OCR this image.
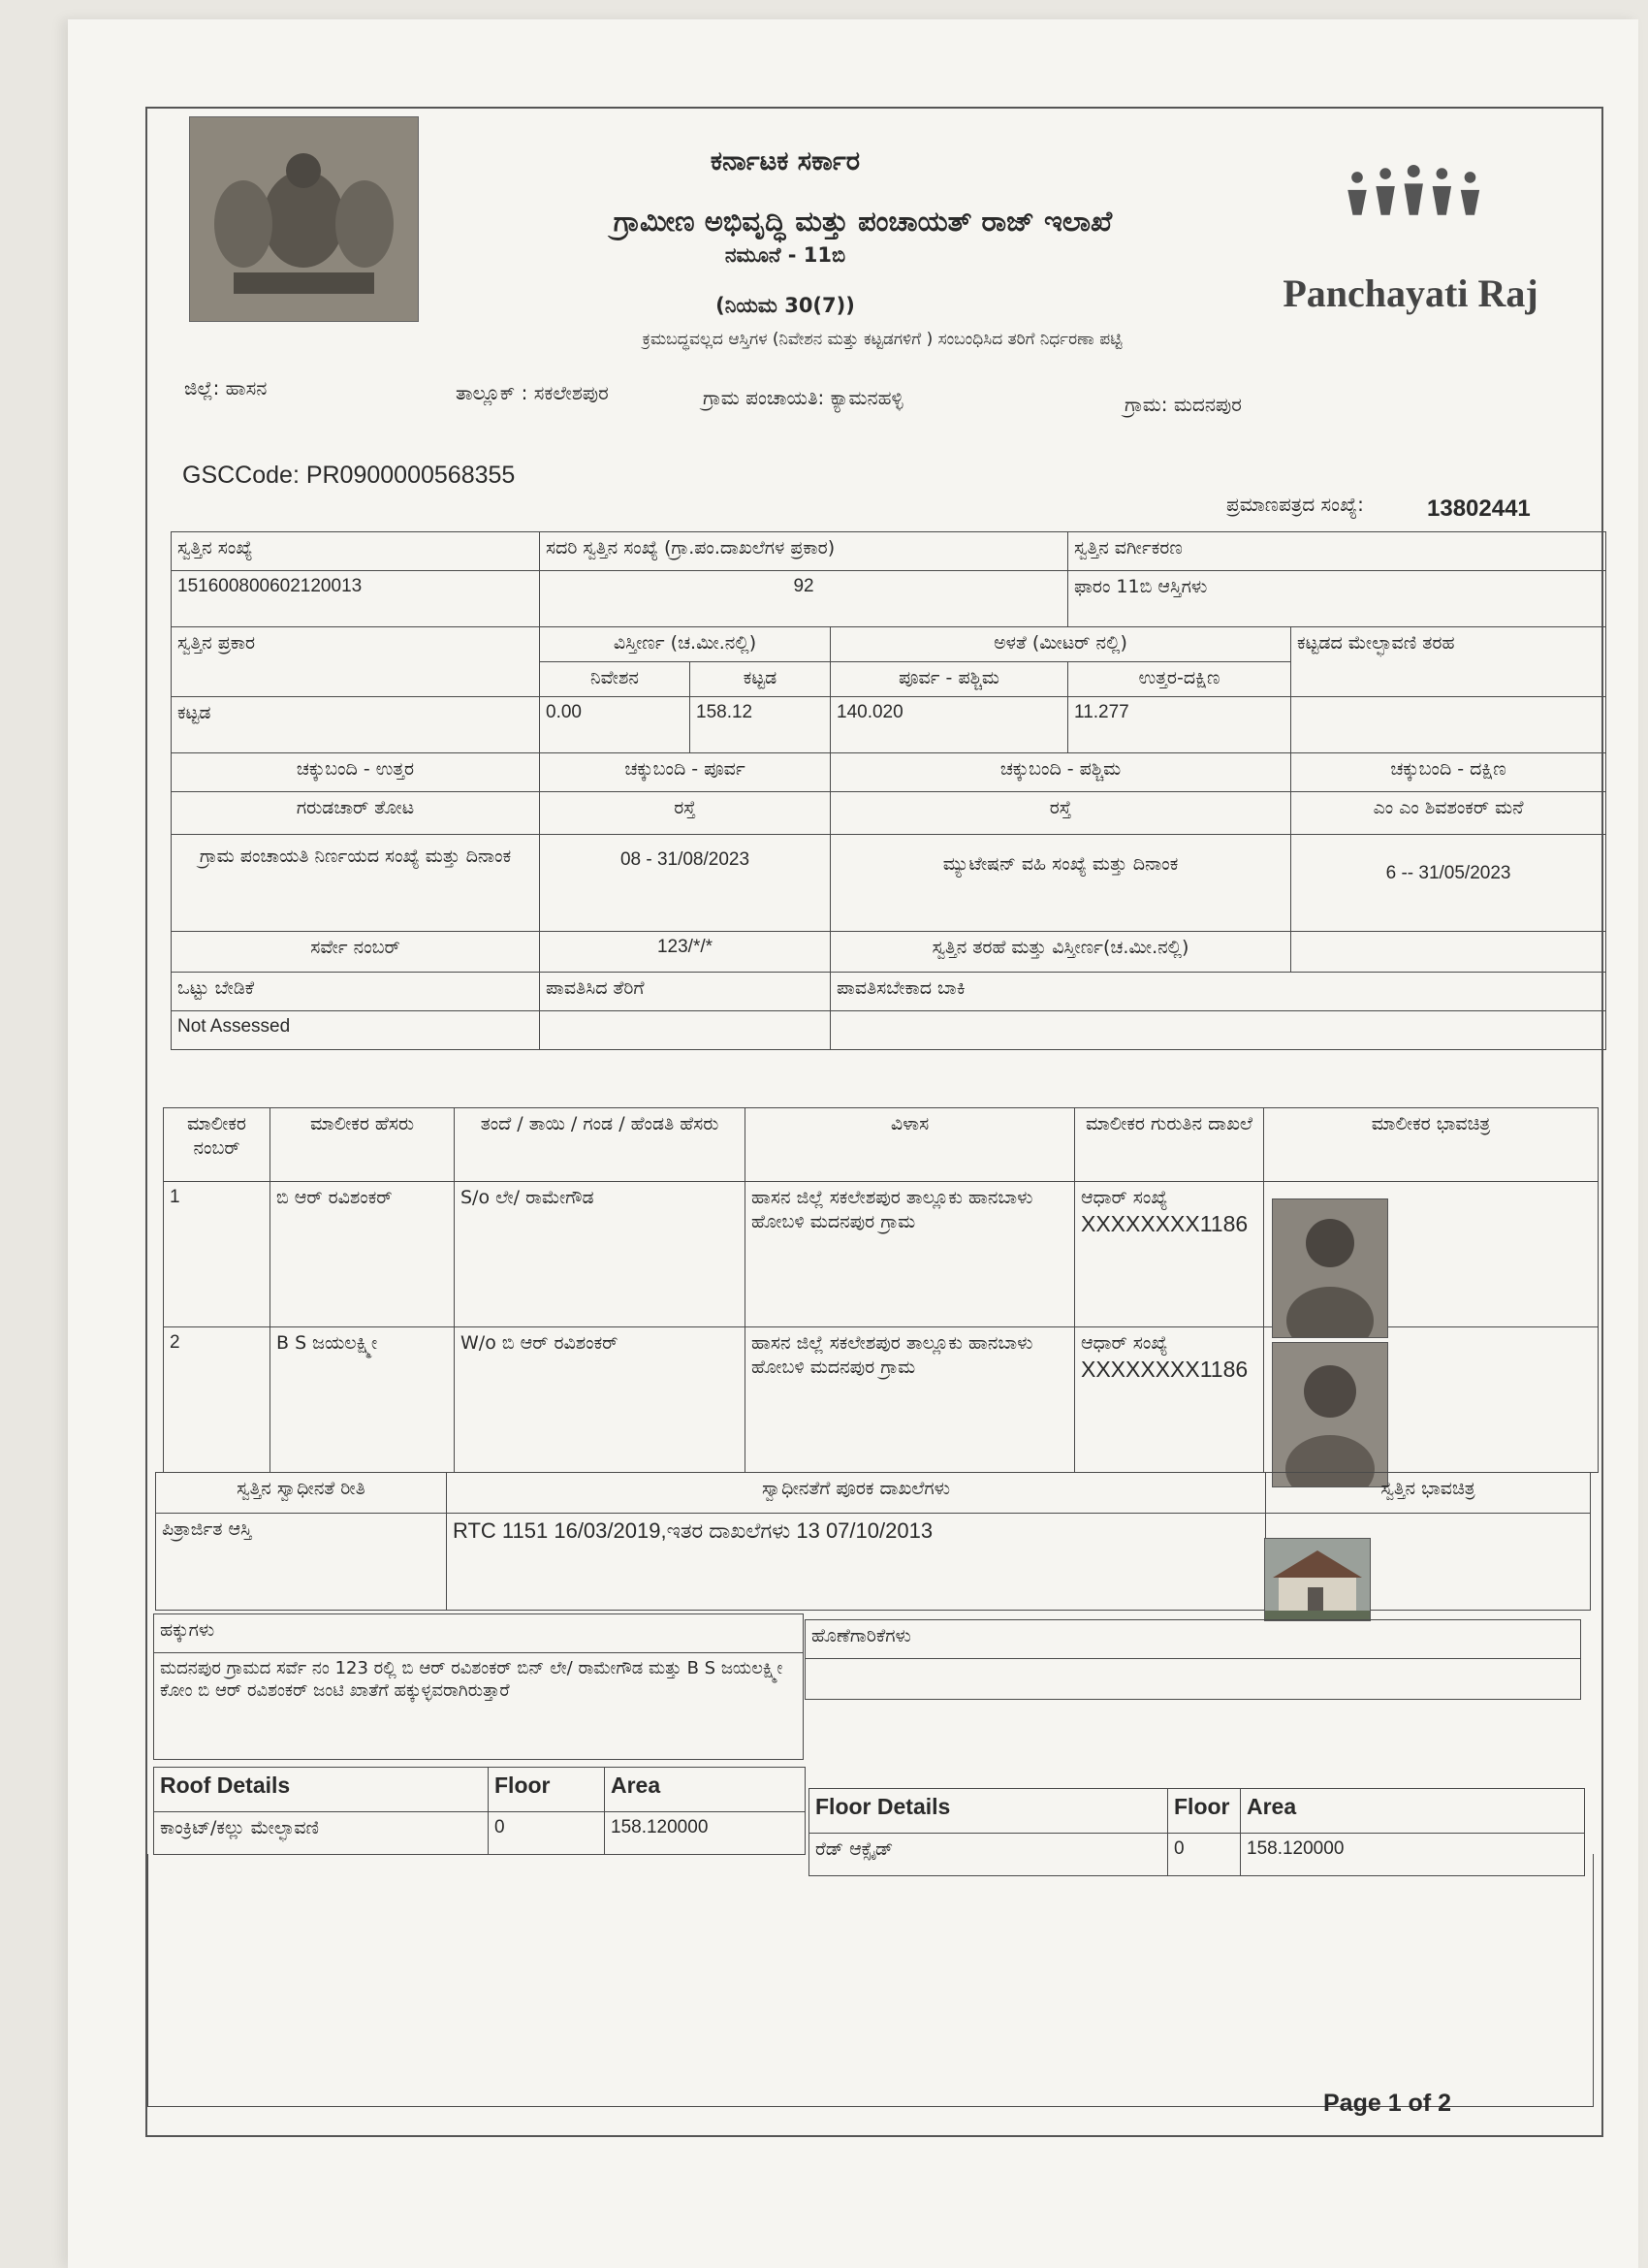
Panchayati Raj
ಕರ್ನಾಟಕ ಸರ್ಕಾರ
ಗ್ರಾಮೀಣ ಅಭಿವೃದ್ಧಿ ಮತ್ತು ಪಂಚಾಯತ್ ರಾಜ್ ಇಲಾಖೆ
ನಮೂನೆ - 11ಬಿ
(ನಿಯಮ 30(7))
ಕ್ರಮಬದ್ಧವಲ್ಲದ ಆಸ್ತಿಗಳ (ನಿವೇಶನ ಮತ್ತು ಕಟ್ಟಡಗಳಿಗೆ ) ಸಂಬಂಧಿಸಿದ ತರಿಗೆ ನಿರ್ಧರಣಾ ಪಟ್ಟಿ
ಜಿಲ್ಲೆ: ಹಾಸನ	ತಾಲ್ಲೂಕ್ : ಸಕಲೇಶಪುರ	ಗ್ರಾಮ ಪಂಚಾಯತಿ: ಕ್ಯಾಮನಹಳ್ಳಿ	ಗ್ರಾಮ: ಮದನಪುರ
GSCCode: PR0900000568355
ಪ್ರಮಾಣಪತ್ರದ ಸಂಖ್ಯೆ:	13802441
ಸ್ವತ್ತಿನ ಸಂಖ್ಯೆ	ಸದರಿ ಸ್ವತ್ತಿನ ಸಂಖ್ಯೆ (ಗ್ರಾ.ಪಂ.ದಾಖಲೆಗಳ ಪ್ರಕಾರ)			ಸ್ವತ್ತಿನ ವರ್ಗೀಕರಣ	
151600800602120013	92			ಫಾರಂ 11ಬಿ ಆಸ್ತಿಗಳು	
ಸ್ವತ್ತಿನ ಪ್ರಕಾರ	ವಿಸ್ತೀರ್ಣ (ಚ.ಮೀ.ನಲ್ಲಿ)		ಅಳತೆ (ಮೀಟರ್ ನಲ್ಲಿ)		ಕಟ್ಟಡದ ಮೇಲ್ಛಾವಣಿ ತರಹ
	ನಿವೇಶನ	ಕಟ್ಟಡ	ಪೂರ್ವ - ಪಶ್ಚಿಮ	ಉತ್ತರ-ದಕ್ಷಿಣ	
ಕಟ್ಟಡ	0.00	158.12	140.020	11.277	
ಚಕ್ಕುಬಂದಿ - ಉತ್ತರ	ಚಕ್ಕುಬಂದಿ - ಪೂರ್ವ		ಚಕ್ಕುಬಂದಿ - ಪಶ್ಚಿಮ		ಚಕ್ಕುಬಂದಿ - ದಕ್ಷಿಣ
ಗರುಡಚಾರ್ ತೋಟ	ರಸ್ತೆ		ರಸ್ತೆ		ಎಂ ಎಂ ಶಿವಶಂಕರ್ ಮನೆ
ಗ್ರಾಮ ಪಂಚಾಯತಿ ನಿರ್ಣಯದ ಸಂಖ್ಯೆ ಮತ್ತು ದಿನಾಂಕ	08 - 31/08/2023		ಮ್ಯುಟೇಷನ್ ವಹಿ ಸಂಖ್ಯೆ ಮತ್ತು ದಿನಾಂಕ		6 -- 31/05/2023
ಸರ್ವೇ ನಂಬರ್	123/*/*		ಸ್ವತ್ತಿನ ತರಹೆ ಮತ್ತು ವಿಸ್ತೀರ್ಣ(ಚ.ಮೀ.ನಲ್ಲಿ)		
ಒಟ್ಟು ಬೇಡಿಕೆ	ಪಾವತಿಸಿದ ತೆರಿಗೆ		ಪಾವತಿಸಬೇಕಾದ ಬಾಕಿ		
Not Assessed					
ಮಾಲೀಕರ ನಂಬರ್	ಮಾಲೀಕರ ಹೆಸರು	ತಂದೆ / ತಾಯಿ / ಗಂಡ / ಹೆಂಡತಿ ಹೆಸರು	ವಿಳಾಸ	ಮಾಲೀಕರ ಗುರುತಿನ ದಾಖಲೆ	ಮಾಲೀಕರ ಭಾವಚಿತ್ರ
1	ಬಿ ಆರ್ ರವಿಶಂಕರ್	S/o ಲೇ/ ರಾಮೇಗೌಡ	ಹಾಸನ ಜಿಲ್ಲೆ ಸಕಲೇಶಪುರ ತಾಲ್ಲೂಕು ಹಾನಬಾಳು ಹೋಬಳಿ ಮದನಪುರ ಗ್ರಾಮ	ಆಧಾರ್ ಸಂಖ್ಯೆ
XXXXXXXX1186	

2	B S ಜಯಲಕ್ಷ್ಮೀ	W/o ಬಿ ಆರ್ ರವಿಶಂಕರ್	ಹಾಸನ ಜಿಲ್ಲೆ ಸಕಲೇಶಪುರ ತಾಲ್ಲೂಕು ಹಾನಬಾಳು ಹೋಬಳಿ ಮದನಪುರ ಗ್ರಾಮ	ಆಧಾರ್ ಸಂಖ್ಯೆ
XXXXXXXX1186	

ಸ್ವತ್ತಿನ ಸ್ವಾಧೀನತೆ ರೀತಿ	ಸ್ವಾಧೀನತೆಗೆ ಪೂರಕ ದಾಖಲೆಗಳು	ಸ್ವತ್ತಿನ ಭಾವಚಿತ್ರ
ಪಿತ್ರಾರ್ಜಿತ ಆಸ್ತಿ	RTC 1151 16/03/2019,ಇತರ ದಾಖಲೆಗಳು 13 07/10/2013	
ಹಕ್ಕುಗಳು
ಮದನಪುರ ಗ್ರಾಮದ ಸರ್ವೆ ನಂ 123 ರಲ್ಲಿ ಬಿ ಆರ್ ರವಿಶಂಕರ್ ಬಿನ್ ಲೇ/ ರಾಮೇಗೌಡ ಮತ್ತು B S ಜಯಲಕ್ಷ್ಮೀ ಕೋಂ ಬಿ ಆರ್ ರವಿಶಂಕರ್ ಜಂಟಿ ಖಾತೆಗೆ ಹಕ್ಕುಳ್ಳವರಾಗಿರುತ್ತಾರೆ
ಹೊಣೆಗಾರಿಕೆಗಳು

Roof Details	Floor	Area
ಕಾಂಕ್ರಿಟ್/ಕಲ್ಲು ಮೇಲ್ಛಾವಣಿ	0	158.120000
Floor Details	Floor	Area
ರೆಡ್ ಆಕ್ಸೈಡ್	0	158.120000
Page 1 of 2
